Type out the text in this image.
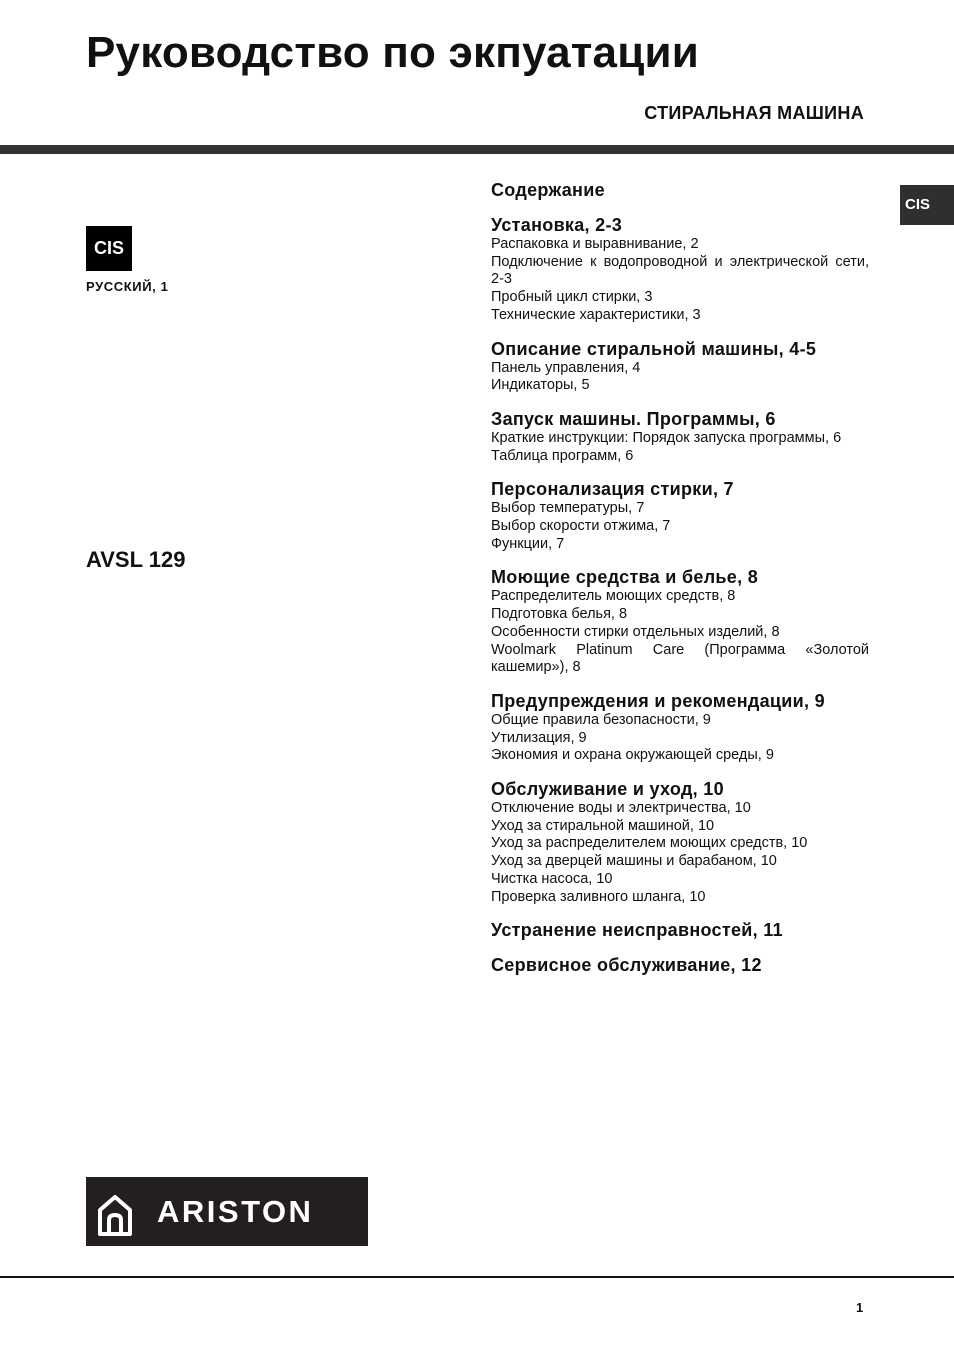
Руководство по экпуатации
СТИРАЛЬНАЯ МАШИНА
CIS
CIS
РУССКИЙ, 1
AVSL 129
Содержание
Установка, 2-3
Распаковка и выравнивание, 2
Подключение к водопроводной и электрической сети, 2-3
Пробный цикл стирки, 3
Технические характеристики, 3
Описание стиральной машины, 4-5
Панель управления, 4
Индикаторы, 5
Запуск машины. Программы, 6
Краткие инструкции: Порядок запуска программы, 6
Таблица программ, 6
Персонализация стирки, 7
Выбор температуры, 7
Выбор скорости отжима, 7
Функции, 7
Моющие средства и белье, 8
Распределитель моющих средств, 8
Подготовка белья, 8
Особенности стирки отдельных изделий, 8
Woolmark Platinum Care (Программа «Золотой кашемир»), 8
Предупреждения и рекомендации, 9
Общие правила безопасности, 9
Утилизация, 9
Экономия и охрана окружающей среды, 9
Обслуживание и уход, 10
Отключение воды и электричества, 10
Уход за стиральной машиной, 10
Уход за распределителем моющих средств, 10
Уход за дверцей машины и барабаном, 10
Чистка насоса, 10
Проверка заливного шланга, 10
Устранение неисправностей, 11
Сервисное обслуживание, 12
ARISTON
1
